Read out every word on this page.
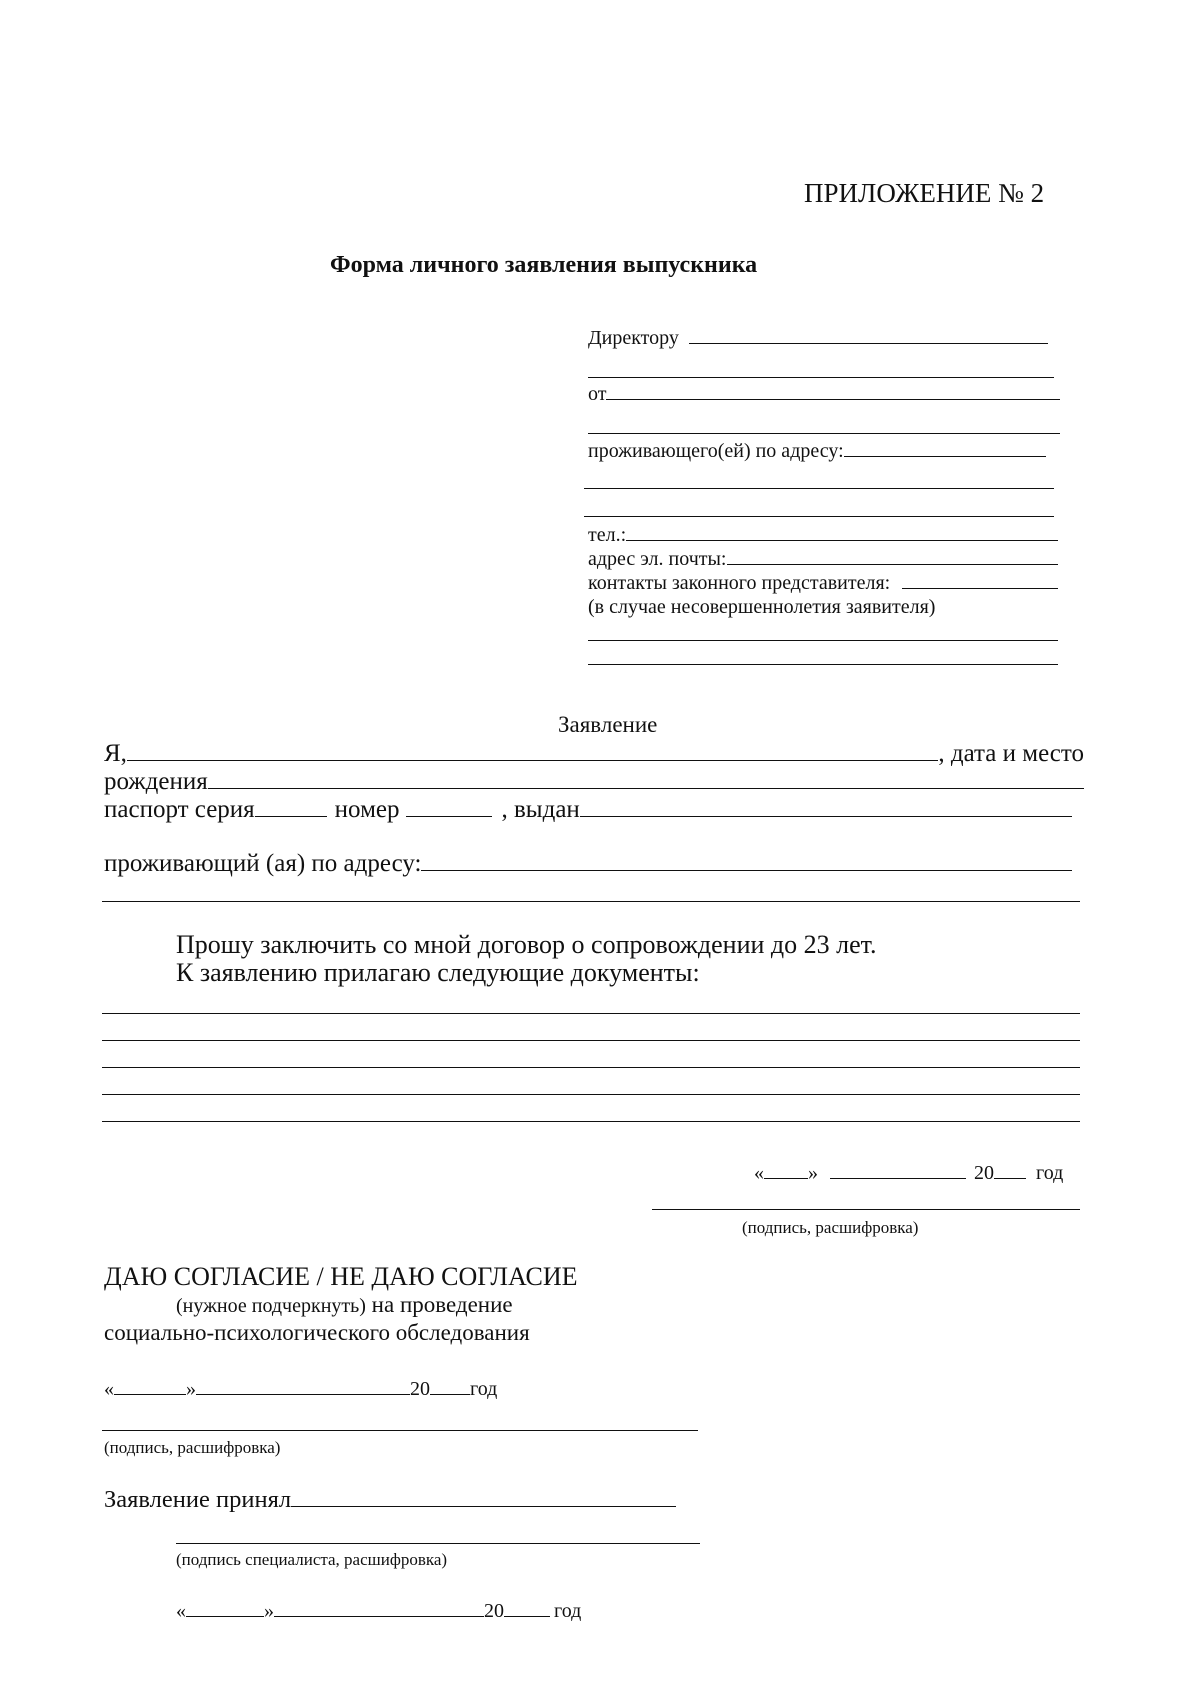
ПРИЛОЖЕНИЕ № 2
Форма личного заявления выпускника
Директору
от
проживающего(ей) по адресу:
тел.:
адрес эл. почты:
контакты законного представителя:
(в случае несовершеннолетия заявителя)
Заявление
Я,	, дата и место
рождения
паспорт серия	номер	, выдан
проживающий (ая) по адресу:
Прошу заключить со мной договор о сопровождении до 23 лет.
К заявлению прилагаю следующие документы:
« »	20 год
(подпись, расшифровка)
ДАЮ СОГЛАСИЕ / НЕ ДАЮ СОГЛАСИЕ
(нужное подчеркнуть) на проведение
социально-психологического обследования
«	»	20 год
(подпись, расшифровка)
Заявление принял
(подпись специалиста, расшифровка)
«	»	20	год
